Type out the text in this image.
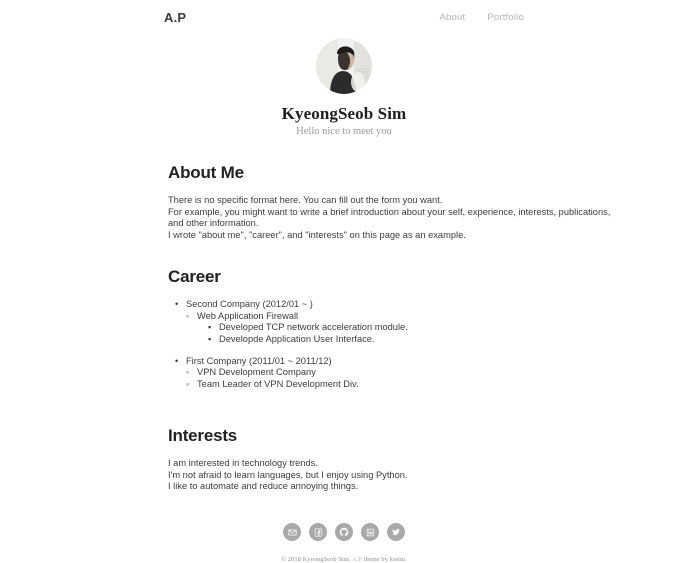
A.P	About Portfolio
KyeongSeob Sim
Hello nice to meet you
About Me
There is no specific format here. You can fill out the form you want.
For example, you might want to write a brief introduction about your self, experience, interests, publications,
and other information.
I wrote "about me", "career", and "interests" on this page as an example.
Career
• Second Company (2012/01 ~ )
◦ Web Application Firewall
▪ Developed TCP network acceleration module.
▪ Developde Application User Interface.
• First Company (2011/01 ~ 2011/12)
◦ VPN Development Company
◦ Team Leader of VPN Development Div.
Interests
I am interested in technology trends.
I'm not afraid to learn languages, but I enjoy using Python.
I like to automate and reduce annoying things.
© 2018 KyeongSeob Sim. A.P theme by kssim.
